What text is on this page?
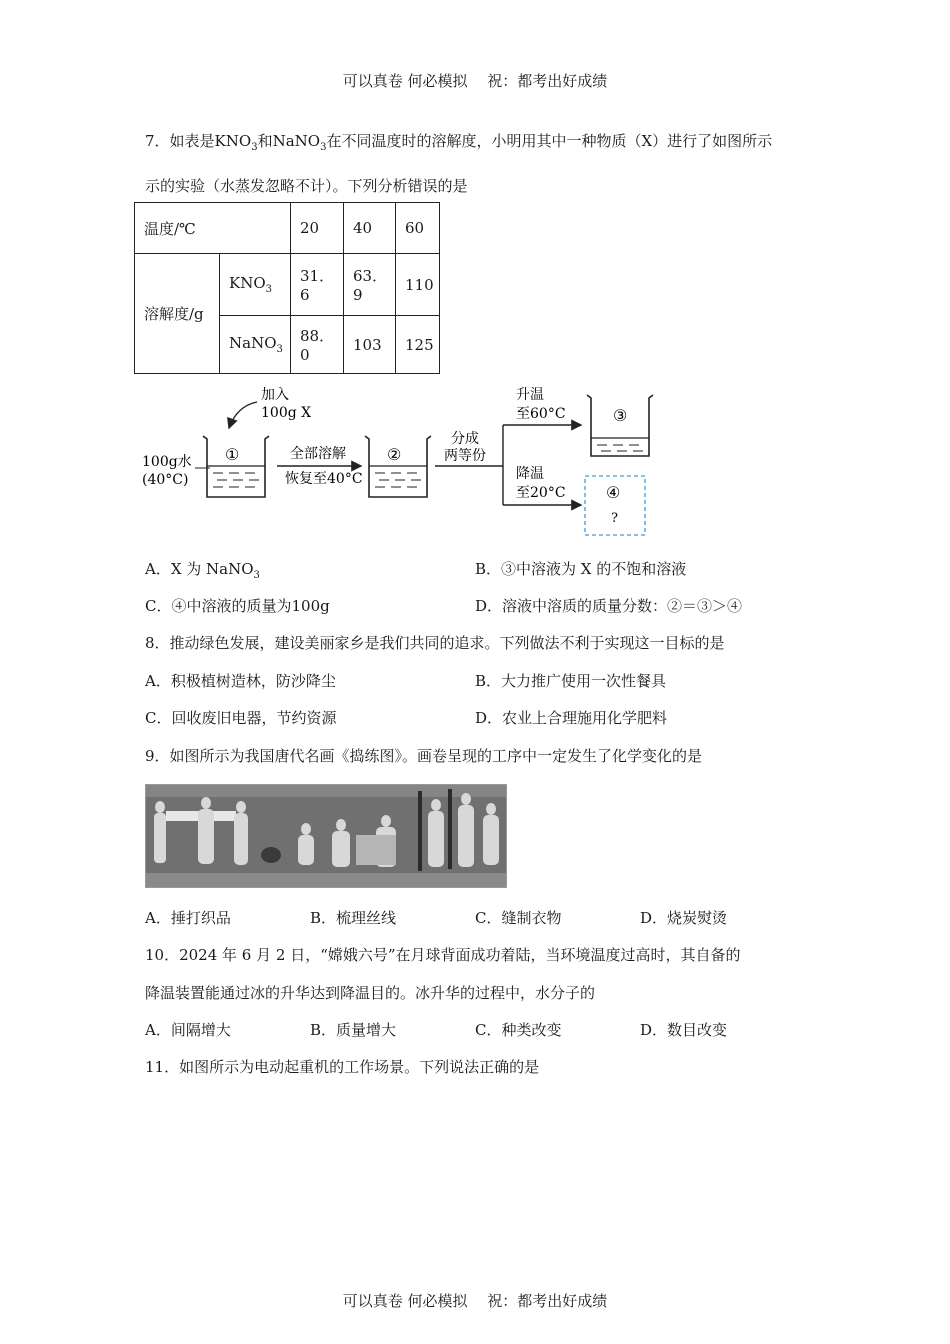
可以真卷 何必模拟　 祝：都考出好成绩
7．如表是$KNO_3$和NaNO$_3$在不同温度时的溶解度，小明用其中一种物质（X）进行了如图所示
示的实验（水蒸发忽略不计）。下列分析错误的是
温度/℃		20	40	60
溶解度/g	$KNO_3$	31．6	63．9	110
	NaNO$_3$	88．0	103	125
加入
100g X
100g水
(40°C)
①	全部溶解
恢复至40°C
②
分成
两等份
升温
至60°C
降温
至20°C
③
④
?
A．X 为 NaNO$_3$	B．③中溶液为 X 的不饱和溶液
C．④中溶液的质量为100g	D．溶液中溶质的质量分数：②＝③＞④
8．推动绿色发展，建设美丽家乡是我们共同的追求。下列做法不利于实现这一目标的是
A．积极植树造林，防沙降尘	B．大力推广使用一次性餐具
C．回收废旧电器，节约资源	D．农业上合理施用化学肥料
9．如图所示为我国唐代名画《捣练图》。画卷呈现的工序中一定发生了化学变化的是
A．捶打织品	B．梳理丝线	C．缝制衣物	D．烧炭熨烫
10．2024 年 6 月 2 日，“嫦娥六号”在月球背面成功着陆，当环境温度过高时，其自备的
降温装置能通过冰的升华达到降温目的。冰升华的过程中，水分子的
A．间隔增大	B．质量增大	C．种类改变	D．数目改变
11．如图所示为电动起重机的工作场景。下列说法正确的是
可以真卷 何必模拟　 祝：都考出好成绩
